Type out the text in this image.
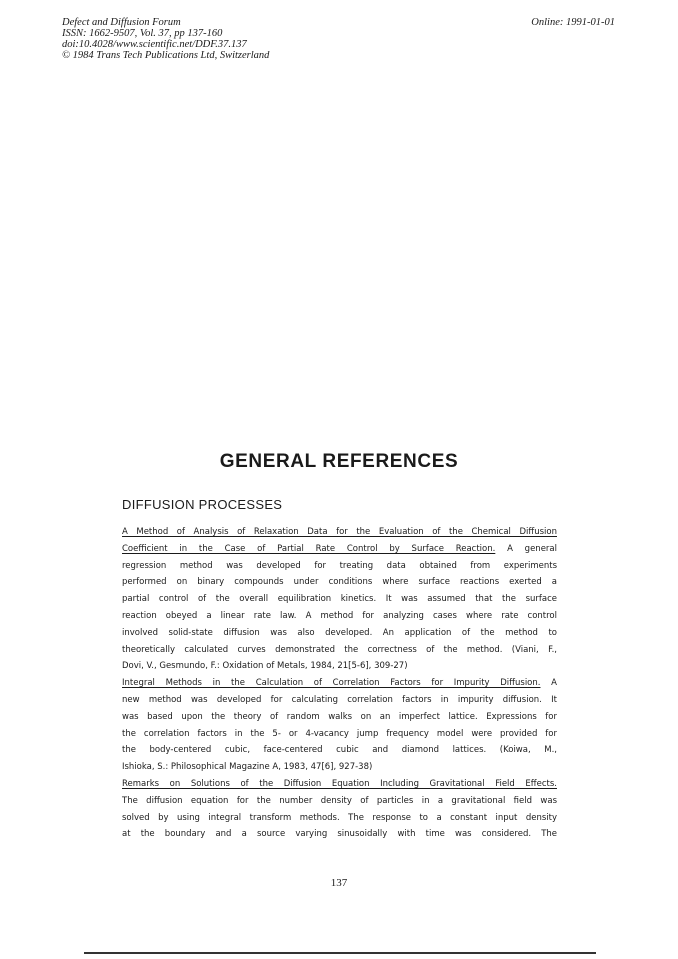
Defect and Diffusion Forum
ISSN: 1662-9507, Vol. 37, pp 137-160
doi:10.4028/www.scientific.net/DDF.37.137
© 1984 Trans Tech Publications Ltd, Switzerland
Online: 1991-01-01
GENERAL REFERENCES
DIFFUSION PROCESSES
A Method of Analysis of Relaxation Data for the Evaluation of the Chemical Diffusion
Coefficient in the Case of Partial Rate Control by Surface Reaction. A general
regression method was developed for treating data obtained from experiments
performed on binary compounds under conditions where surface reactions exerted a
partial control of the overall equilibration kinetics. It was assumed that the surface
reaction obeyed a linear rate law. A method for analyzing cases where rate control
involved solid-state diffusion was also developed. An application of the method to
theoretically calculated curves demonstrated the correctness of the method. (Viani, F.,
Dovi, V., Gesmundo, F.: Oxidation of Metals, 1984, 21[5-6], 309-27)
Integral Methods in the Calculation of Correlation Factors for Impurity Diffusion. A
new method was developed for calculating correlation factors in impurity diffusion. It
was based upon the theory of random walks on an imperfect lattice. Expressions for
the correlation factors in the 5- or 4-vacancy jump frequency model were provided for
the body-centered cubic, face-centered cubic and diamond lattices. (Koiwa, M.,
Ishioka, S.: Philosophical Magazine A, 1983, 47[6], 927-38)
Remarks on Solutions of the Diffusion Equation Including Gravitational Field Effects.
The diffusion equation for the number density of particles in a gravitational field was
solved by using integral transform methods. The response to a constant input density
at the boundary and a source varying sinusoidally with time was considered. The
137
